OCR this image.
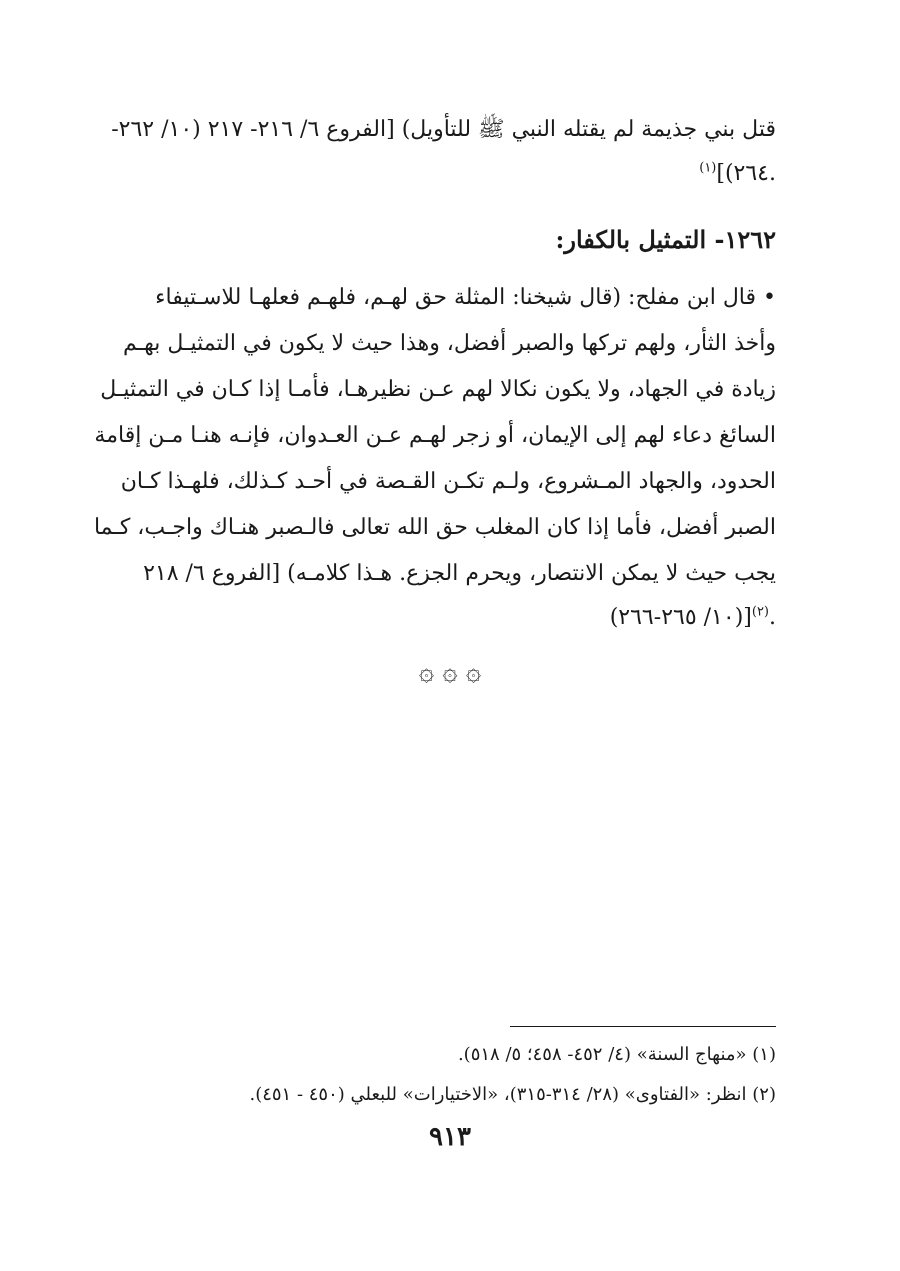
قتل بني جذيمة لم يقتله النبي ﷺ للتأويل) [الفروع ٦/ ٢١٦- ٢١٧ (١٠/ ٢٦٢-
٢٦٤)]$^{(١)}$ .
١٢٦٢- التمثيل بالكفار:
• قال ابن مفلح: (قال شيخنا: المثلة حق لهـم، فلهـم فعلهـا للاسـتيفاء
وأخذ الثأر، ولهم تركها والصبر أفضل، وهذا حيث لا يكون في التمثيـل بهـم
زيادة في الجهاد، ولا يكون نكالا لهم عـن نظيرهـا، فأمـا إذا كـان في التمثيـل
السائغ دعاء لهم إلى الإيمان، أو زجر لهـم عـن العـدوان، فإنـه هنـا مـن إقامة
الحدود، والجهاد المـشروع، ولـم تكـن القـصة في أحـد كـذلك، فلهـذا كـان
الصبر أفضل، فأما إذا كان المغلب حق الله تعالى فالـصبر هنـاك واجـب، كـما
يجب حيث لا يمكن الانتصار، ويحرم الجزع. هـذا كلامـه) [الفروع ٦/ ٢١٨
(١٠/ ٢٦٥-٢٦٦)]$^{(٢)}$.
۞ ۞ ۞
(١) «منهاج السنة» (٤/ ٤٥٢- ٤٥٨؛ ٥/ ٥١٨).
(٢) انظر: «الفتاوى» (٢٨/ ٣١٤-٣١٥)، «الاختيارات» للبعلي (٤٥٠ - ٤٥١).
٩١٣
